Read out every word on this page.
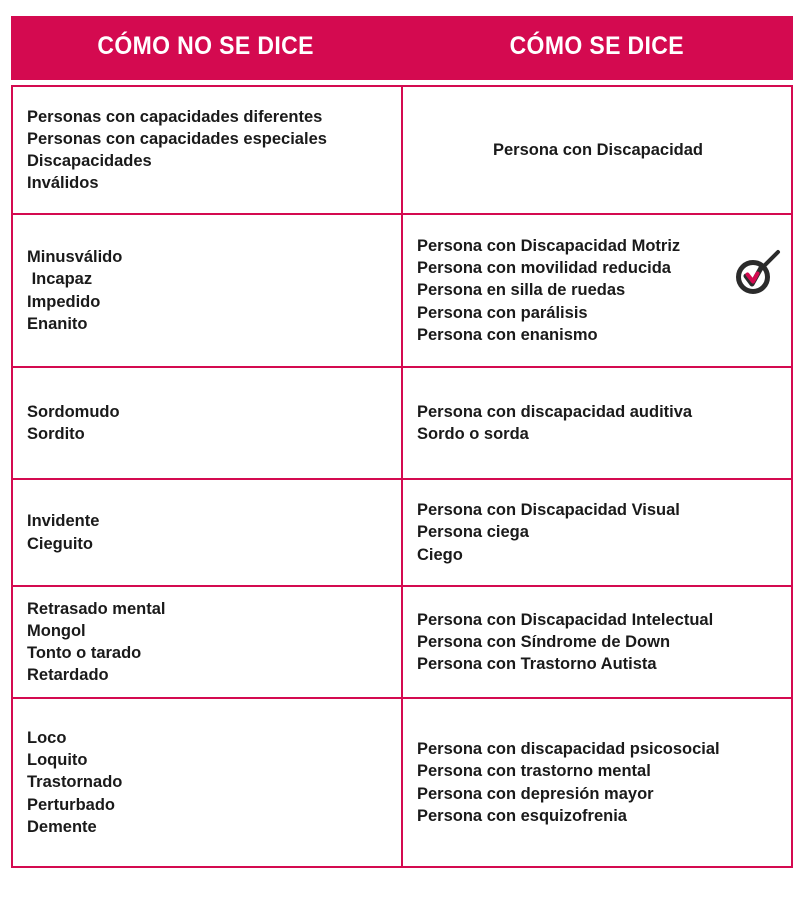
CÓMO NO SE DICE	CÓMO SE DICE
Personas con capacidades diferentes
Personas con capacidades especiales
Discapacidades
Inválidos
Persona con Discapacidad
Minusválido
Incapaz
Impedido
Enanito
Persona con Discapacidad Motriz
Persona con movilidad reducida
Persona en silla de ruedas
Persona con parálisis
Persona con enanismo
Sordomudo
Sordito
Persona con discapacidad auditiva
Sordo o sorda
Invidente
Cieguito
Persona con Discapacidad Visual
Persona ciega
Ciego
Retrasado mental
Mongol
Tonto o tarado
Retardado
Persona con Discapacidad Intelectual
Persona con Síndrome de Down
Persona con Trastorno Autista
Loco
Loquito
Trastornado
Perturbado
Demente
Persona con discapacidad psicosocial
Persona con trastorno mental
Persona con depresión mayor
Persona con esquizofrenia
